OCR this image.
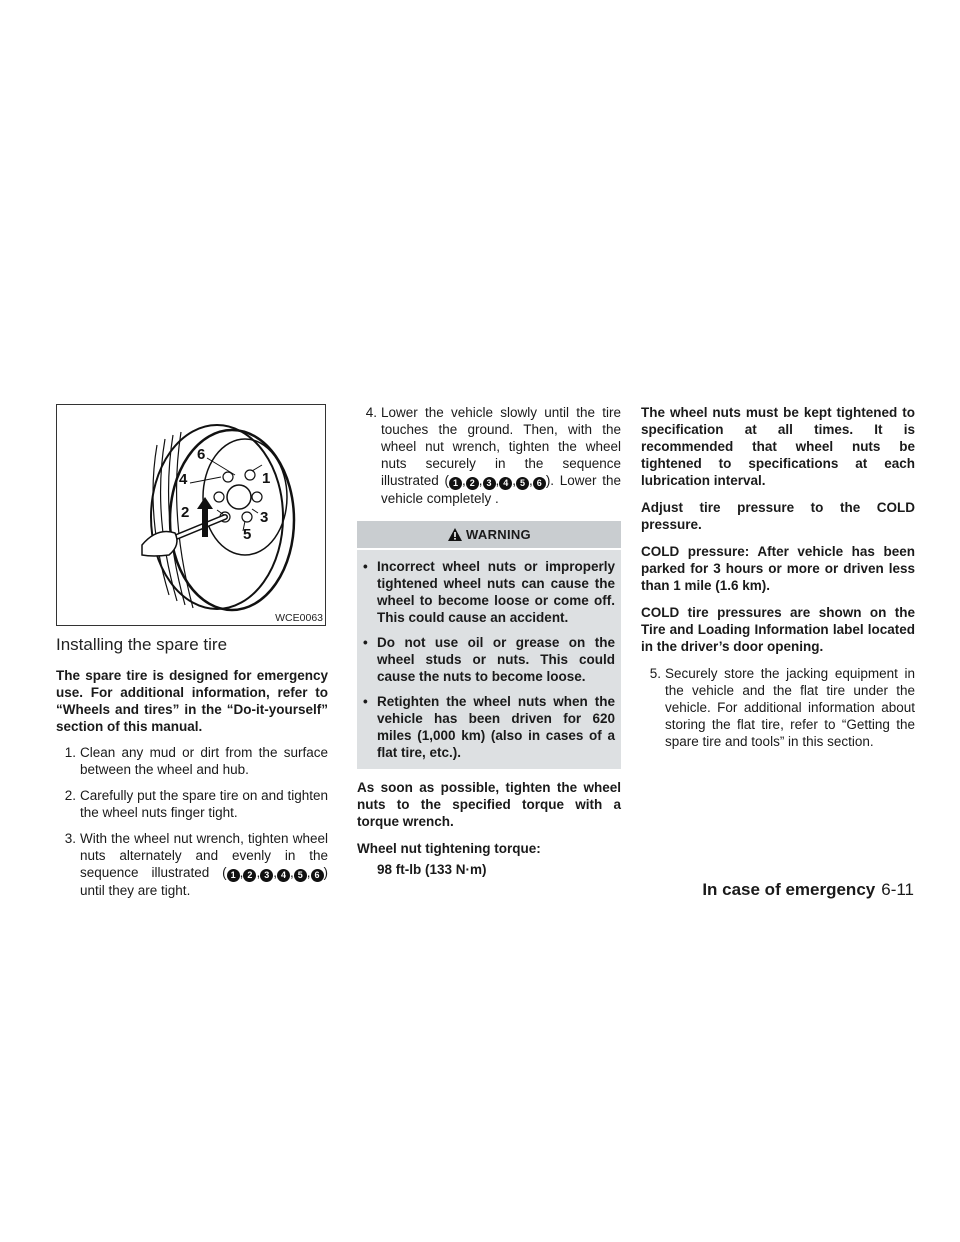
6
1
4
2	3
5
WCE0063
Installing the spare tire

The spare tire is designed for emergency use. For additional information, refer to “Wheels and tires” in the “Do-it-yourself” section of this manual.

1. Clean any mud or dirt from the surface between the wheel and hub.
2. Carefully put the spare tire on and tighten the wheel nuts finger tight.
3. With the wheel nut wrench, tighten wheel nuts alternately and evenly in the sequence illustrated ( 1 , 2 , 3 , 4 , 5 , 6 ) until they are tight.
4. Lower the vehicle slowly until the tire touches the ground. Then, with the wheel nut wrench, tighten the wheel nuts securely in the sequence illustrated ( 1 , 2 , 3 , 4 , 5 , 6 ). Lower the vehicle completely .
WARNING
• Incorrect wheel nuts or improperly tightened wheel nuts can cause the wheel to become loose or come off. This could cause an accident.
• Do not use oil or grease on the wheel studs or nuts. This could cause the nuts to become loose.
• Retighten the wheel nuts when the vehicle has been driven for 620 miles (1,000 km) (also in cases of a flat tire, etc.).

As soon as possible, tighten the wheel nuts to the specified torque with a torque wrench.

Wheel nut tightening torque:

98 ft-lb (133 N·m)

The wheel nuts must be kept tightened to specification at all times. It is recommended that wheel nuts be tightened to specifications at each lubrication interval.

Adjust tire pressure to the COLD pressure.

COLD pressure: After vehicle has been parked for 3 hours or more or driven less than 1 mile (1.6 km).

COLD tire pressures are shown on the Tire and Loading Information label located in the driver’s door opening.

5. Securely store the jacking equipment in the vehicle and the flat tire under the vehicle. For additional information about storing the flat tire, refer to “Getting the spare tire and tools” in this section.
In case of emergency 6-11
